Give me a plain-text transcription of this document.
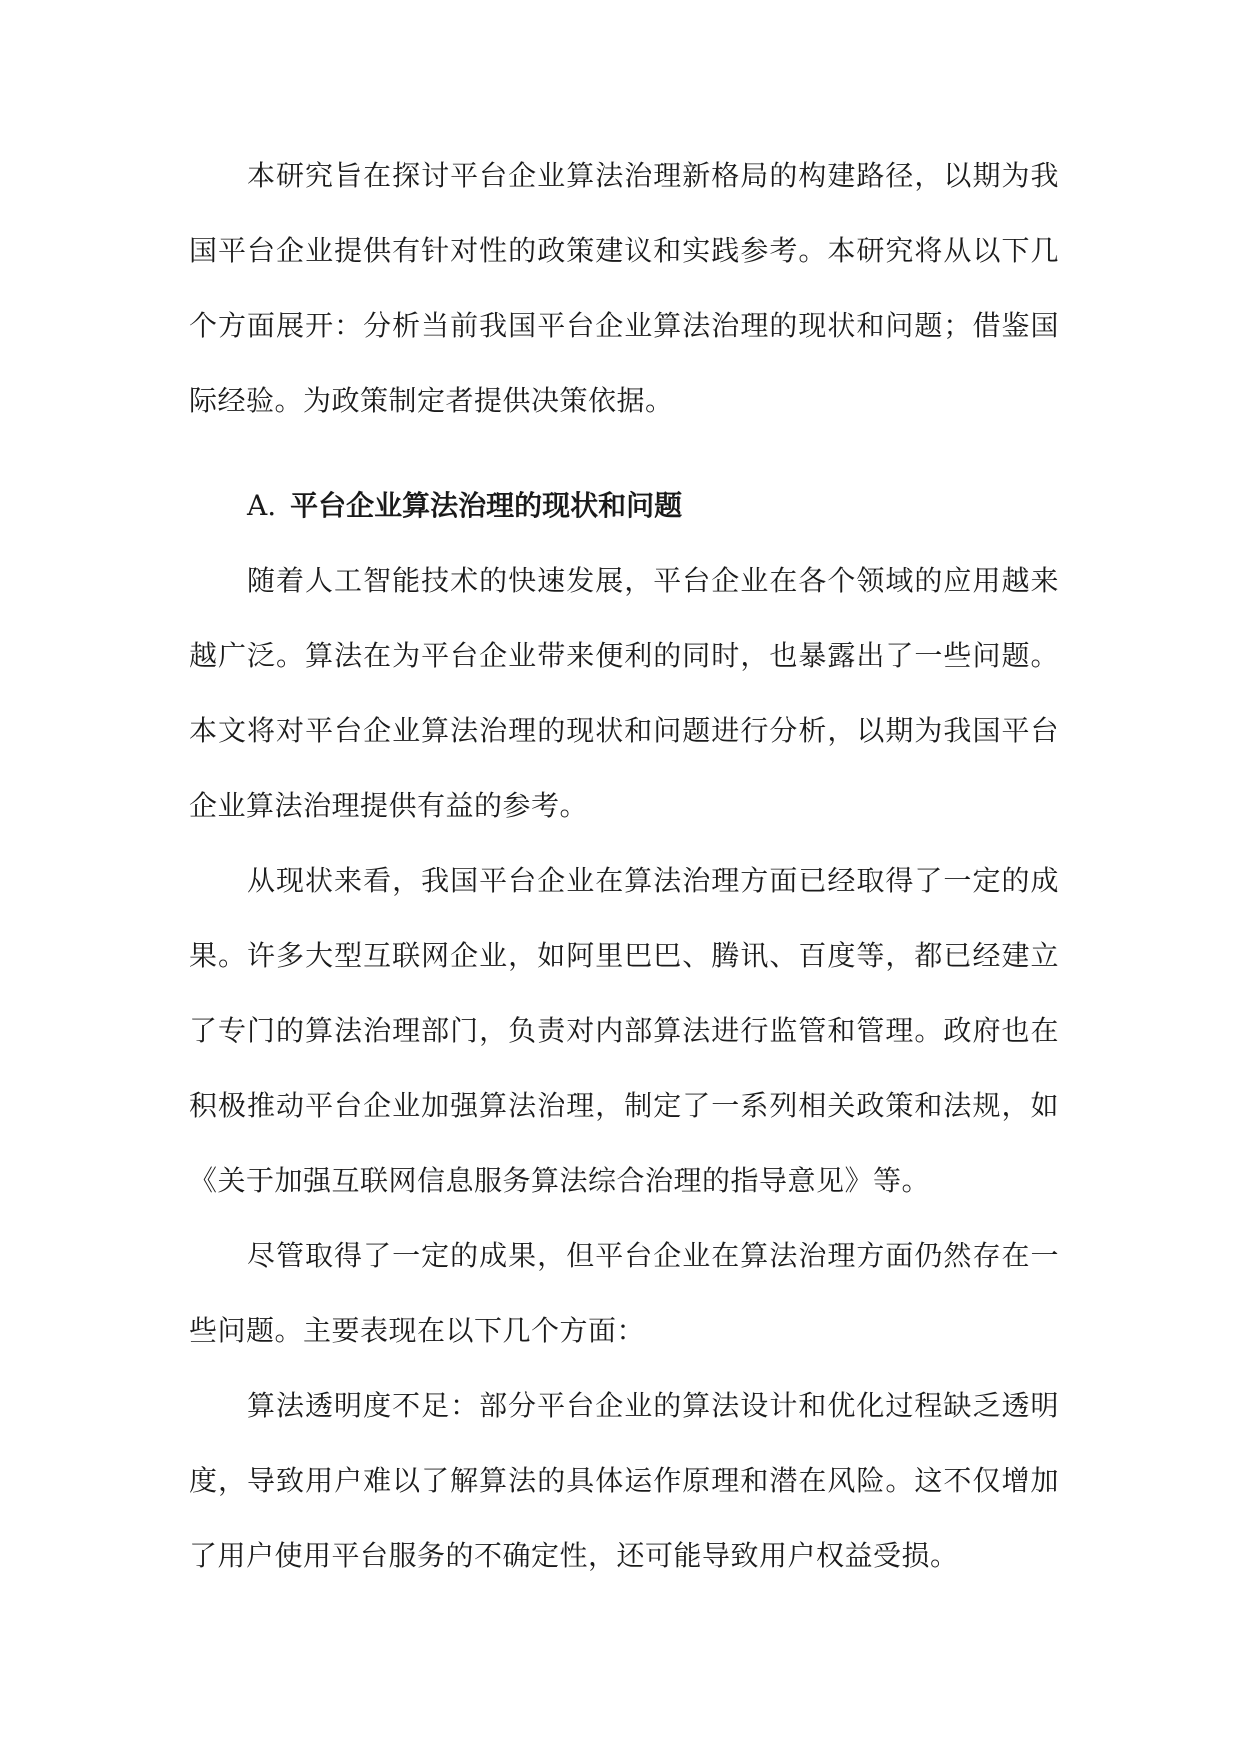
本研究旨在探讨平台企业算法治理新格局的构建路径，以期为我国平台企业提供有针对性的政策建议和实践参考。本研究将从以下几个方面展开：分析当前我国平台企业算法治理的现状和问题；借鉴国际经验。为政策制定者提供决策依据。

A. 平台企业算法治理的现状和问题

随着人工智能技术的快速发展，平台企业在各个领域的应用越来越广泛。算法在为平台企业带来便利的同时，也暴露出了一些问题。本文将对平台企业算法治理的现状和问题进行分析，以期为我国平台企业算法治理提供有益的参考。

从现状来看，我国平台企业在算法治理方面已经取得了一定的成果。许多大型互联网企业，如阿里巴巴、腾讯、百度等，都已经建立了专门的算法治理部门，负责对内部算法进行监管和管理。政府也在积极推动平台企业加强算法治理，制定了一系列相关政策和法规，如《关于加强互联网信息服务算法综合治理的指导意见》等。

尽管取得了一定的成果，但平台企业在算法治理方面仍然存在一些问题。主要表现在以下几个方面：

算法透明度不足：部分平台企业的算法设计和优化过程缺乏透明度，导致用户难以了解算法的具体运作原理和潜在风险。这不仅增加了用户使用平台服务的不确定性，还可能导致用户权益受损。
